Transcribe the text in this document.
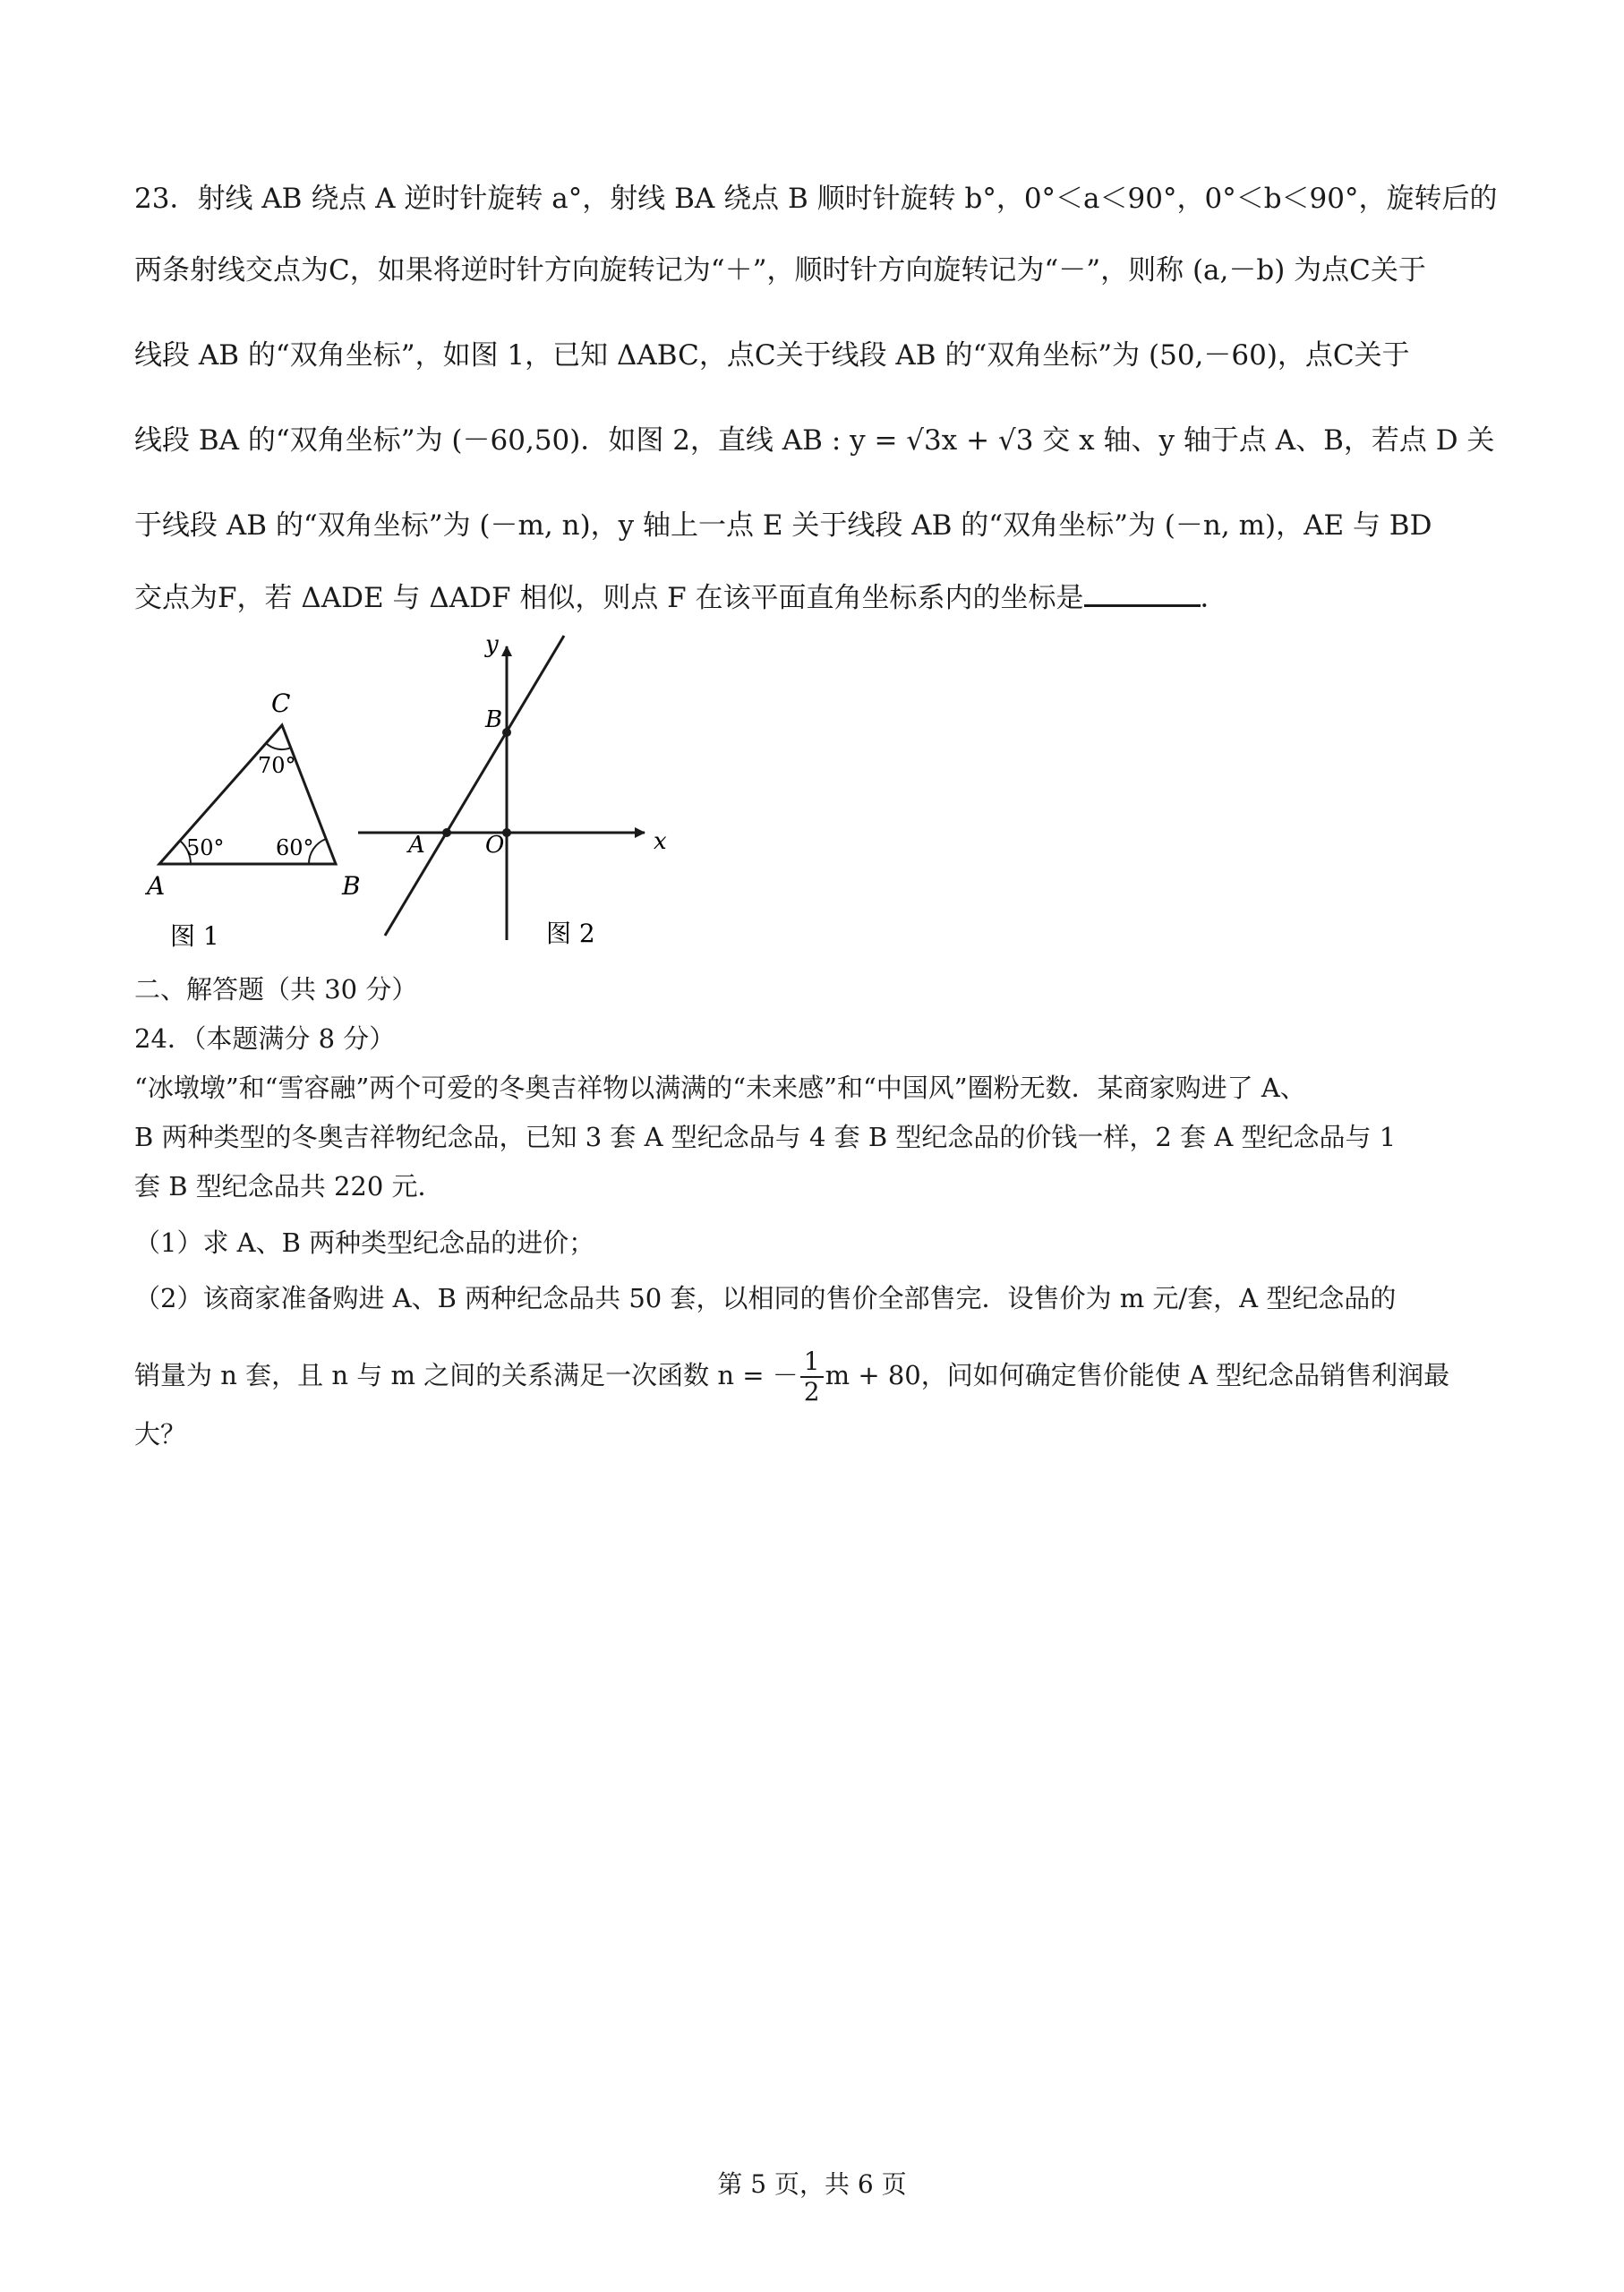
23．射线 AB 绕点 A 逆时针旋转 a°，射线 BA 绕点 B 顺时针旋转 b°，0°＜a＜90°，0°＜b＜90°，旋转后的
两条射线交点为C，如果将逆时针方向旋转记为“＋”，顺时针方向旋转记为“－”，则称 (a,－b) 为点C关于
线段 AB 的“双角坐标”，如图 1，已知 ΔABC，点C关于线段 AB 的“双角坐标”为 (50,－60)，点C关于
线段 BA 的“双角坐标”为 (－60,50)．如图 2，直线 AB : y = √3x + √3 交 x 轴、y 轴于点 A、B，若点 D 关
于线段 AB 的“双角坐标”为 (－m, n)，y 轴上一点 E 关于线段 AB 的“双角坐标”为 (－n, m)，AE 与 BD
交点为F，若 ΔADE 与 ΔADF 相似，则点 F 在该平面直角坐标系内的坐标是	．
C
A	B
50° 60°
70°
图 1
x
y
A
B
O
图 2
二、解答题（共 30 分）
24．（本题满分 8 分）
“冰墩墩”和“雪容融”两个可爱的冬奥吉祥物以满满的“未来感”和“中国风”圈粉无数．某商家购进了 A、
B 两种类型的冬奥吉祥物纪念品，已知 3 套 A 型纪念品与 4 套 B 型纪念品的价钱一样，2 套 A 型纪念品与 1
套 B 型纪念品共 220 元．
（1）求 A、B 两种类型纪念品的进价；
（2）该商家准备购进 A、B 两种纪念品共 50 套，以相同的售价全部售完．设售价为 m 元/套，A 型纪念品的
销量为 n 套，且 n 与 m 之间的关系满足一次函数 n = － $\frac{1}{2}$ m + 80，问如何确定售价能使 A 型纪念品销售利润最
大？
第 5 页，共 6 页
